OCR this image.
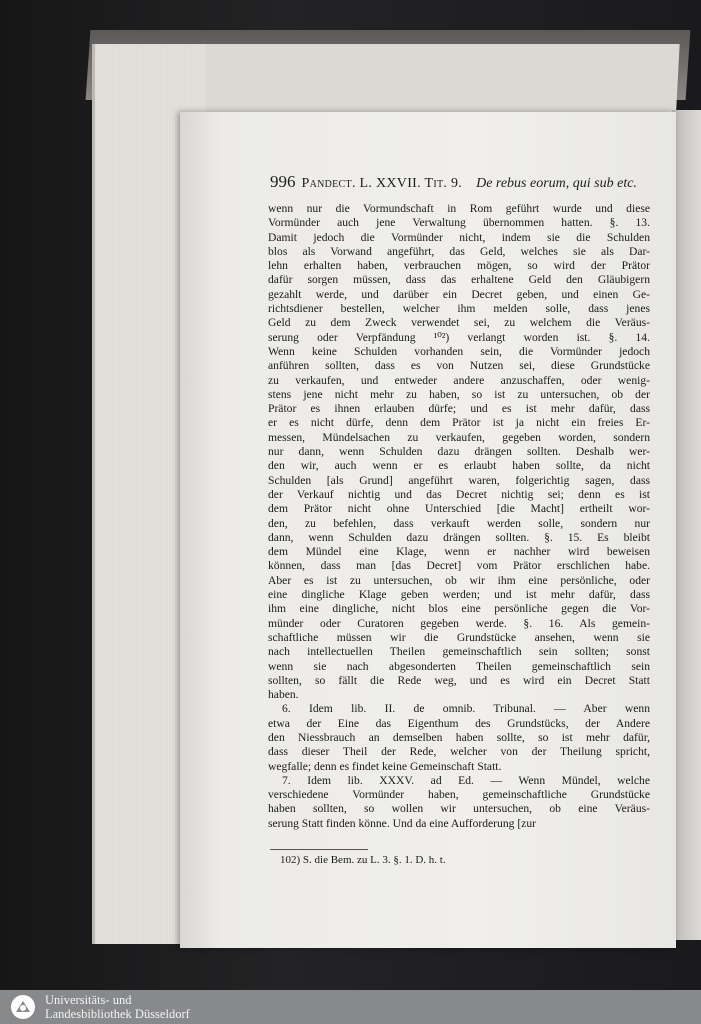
996 Pandect. L. XXVII. Tit. 9. De rebus eorum, qui sub etc.
wenn nur die Vormundschaft in Rom geführt wurde und diese
Vormünder auch jene Verwaltung übernommen hatten. §. 13.
Damit jedoch die Vormünder nicht, indem sie die Schulden
blos als Vorwand angeführt, das Geld, welches sie als Dar-
lehn erhalten haben, verbrauchen mögen, so wird der Prätor
dafür sorgen müssen, dass das erhaltene Geld den Gläubigern
gezahlt werde, und darüber ein Decret geben, und einen Ge-
richtsdiener bestellen, welcher ihm melden solle, dass jenes
Geld zu dem Zweck verwendet sei, zu welchem die Veräus-
serung oder Verpfändung ¹⁰²) verlangt worden ist. §. 14.
Wenn keine Schulden vorhanden sein, die Vormünder jedoch
anführen sollten, dass es von Nutzen sei, diese Grundstücke
zu verkaufen, und entweder andere anzuschaffen, oder wenig-
stens jene nicht mehr zu haben, so ist zu untersuchen, ob der
Prätor es ihnen erlauben dürfe; und es ist mehr dafür, dass
er es nicht dürfe, denn dem Prätor ist ja nicht ein freies Er-
messen, Mündelsachen zu verkaufen, gegeben worden, sondern
nur dann, wenn Schulden dazu drängen sollten. Deshalb wer-
den wir, auch wenn er es erlaubt haben sollte, da nicht
Schulden [als Grund] angeführt waren, folgerichtig sagen, dass
der Verkauf nichtig und das Decret nichtig sei; denn es ist
dem Prätor nicht ohne Unterschied [die Macht] ertheilt wor-
den, zu befehlen, dass verkauft werden solle, sondern nur
dann, wenn Schulden dazu drängen sollten. §. 15. Es bleibt
dem Mündel eine Klage, wenn er nachher wird beweisen
können, dass man [das Decret] vom Prätor erschlichen habe.
Aber es ist zu untersuchen, ob wir ihm eine persönliche, oder
eine dingliche Klage geben werden; und ist mehr dafür, dass
ihm eine dingliche, nicht blos eine persönliche gegen die Vor-
münder oder Curatoren gegeben werde. §. 16. Als gemein-
schaftliche müssen wir die Grundstücke ansehen, wenn sie
nach intellectuellen Theilen gemeinschaftlich sein sollten; sonst
wenn sie nach abgesonderten Theilen gemeinschaftlich sein
sollten, so fällt die Rede weg, und es wird ein Decret Statt
haben.
6. Idem lib. II. de omnib. Tribunal. — Aber wenn
etwa der Eine das Eigenthum des Grundstücks, der Andere
den Niessbrauch an demselben haben sollte, so ist mehr dafür,
dass dieser Theil der Rede, welcher von der Theilung spricht,
wegfalle; denn es findet keine Gemeinschaft Statt.
7. Idem lib. XXXV. ad Ed. — Wenn Mündel, welche
verschiedene Vormünder haben, gemeinschaftliche Grundstücke
haben sollten, so wollen wir untersuchen, ob eine Veräus-
serung Statt finden könne. Und da eine Aufforderung [zur
102) S. die Bem. zu L. 3. §. 1. D. h. t.
Universitäts- und
Landesbibliothek Düsseldorf
